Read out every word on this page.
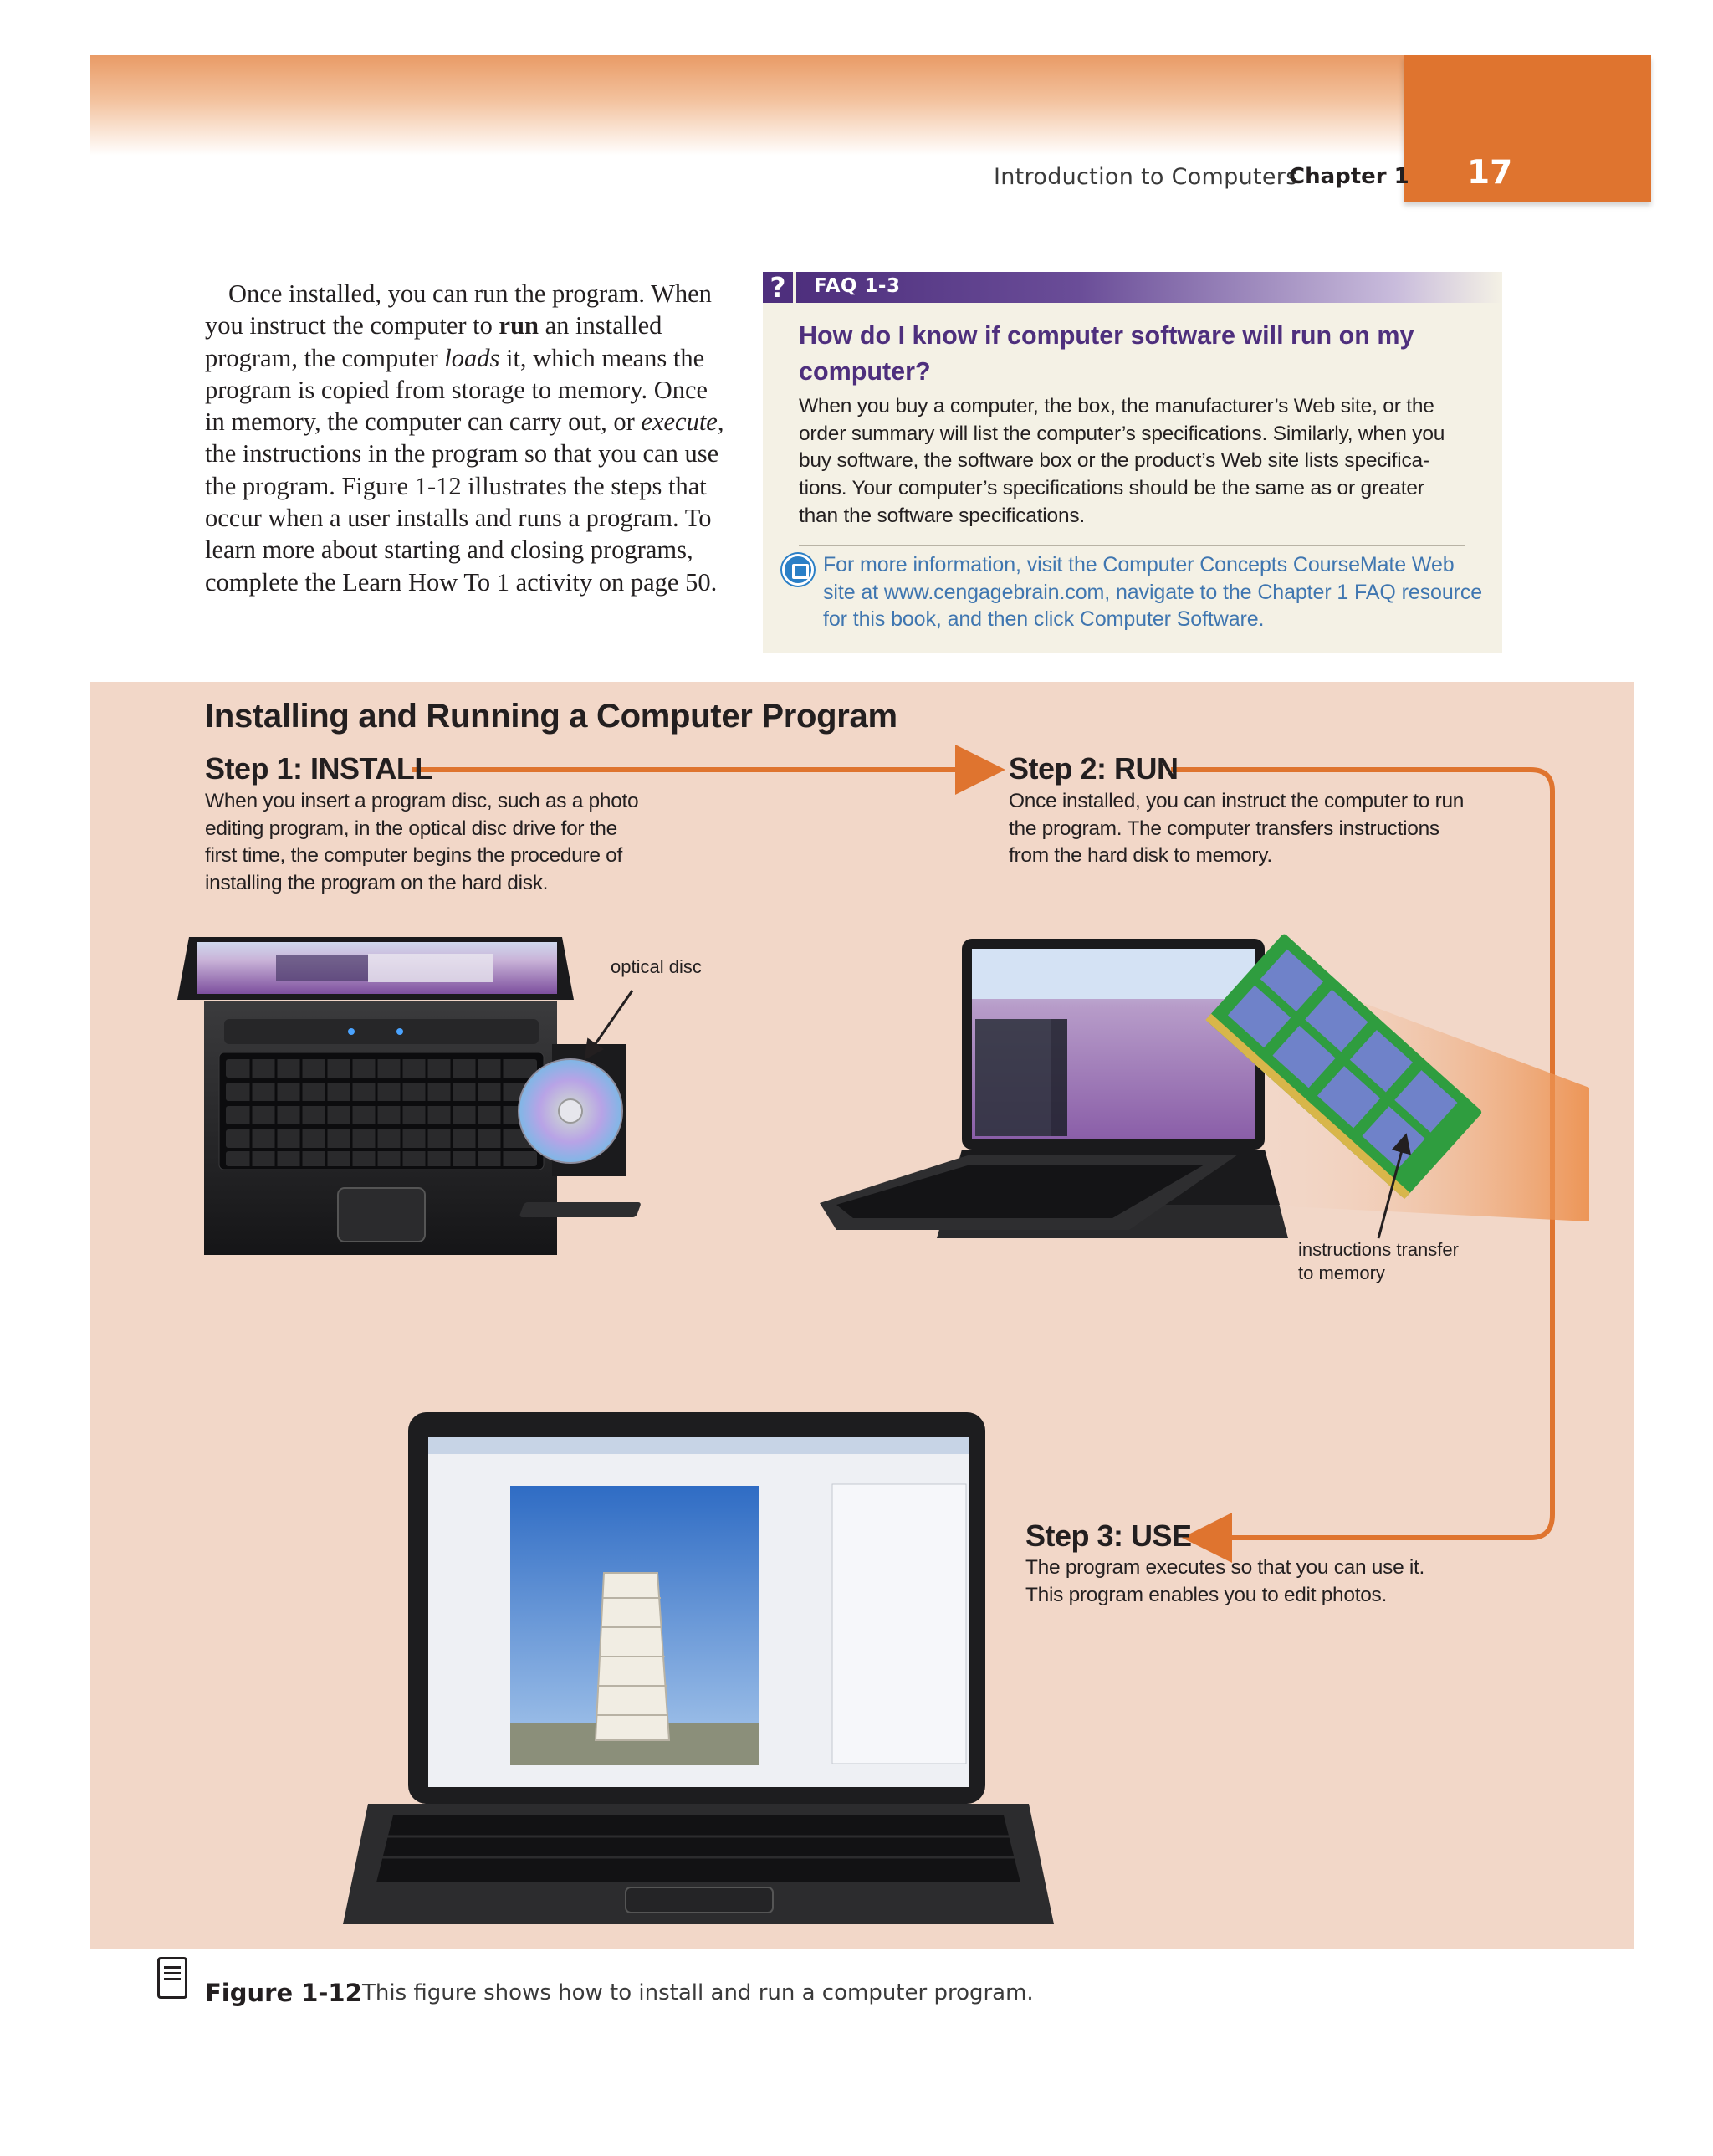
Introduction to Computers
Chapter 1 17

Once installed, you can run the program. When you instruct the computer to run an installed program, the computer loads it, which means the program is copied from storage to memory. Once in memory, the computer can carry out, or execute, the instructions in the program so that you can use the program. Figure 1-12 illustrates the steps that occur when a user installs and runs a program. To learn more about starting and closing programs, complete the Learn How To 1 activity on page 50.

?	FAQ 1-3
How do I know if computer software will run on my computer?
When you buy a computer, the box, the manufacturer’s Web site, or the order summary will list the computer’s specifications. Similarly, when you buy software, the software box or the product’s Web site lists specifica-tions. Your computer’s specifications should be the same as or greater than the software specifications.
For more information, visit the Computer Concepts CourseMate Web site at www.cengagebrain.com, navigate to the Chapter 1 FAQ resource for this book, and then click Computer Software.
Installing and Running a Computer Program
Step 1: INSTALL
When you insert a program disc, such as a photo editing program, in the optical disc drive for the first time, the computer begins the procedure of installing the program on the hard disk.
Step 2: RUN
Once installed, you can instruct the computer to run the program. The computer transfers instructions from the hard disk to memory.
Step 3: USE
The program executes so that you can use it. This program enables you to edit photos.
optical disc
instructions transfer to memory
Figure 1-12 This figure shows how to install and run a computer program.
